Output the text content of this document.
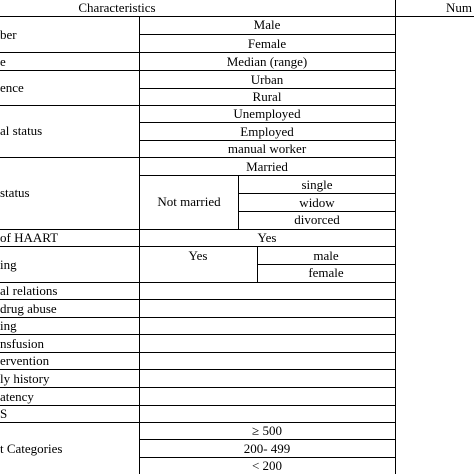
Characteristics	Num
ber
e
ence
al status
status
of HAART
ing
al relations
drug abuse
ing
nsfusion
ervention
ly history
atency
S
t Categories
Male
Female
Median (range)
Urban
Rural
Unemployed
Employed
manual worker
Married
Not married
single
widow
divorced
Yes
Yes	male
female
≥ 500
200- 499
< 200
